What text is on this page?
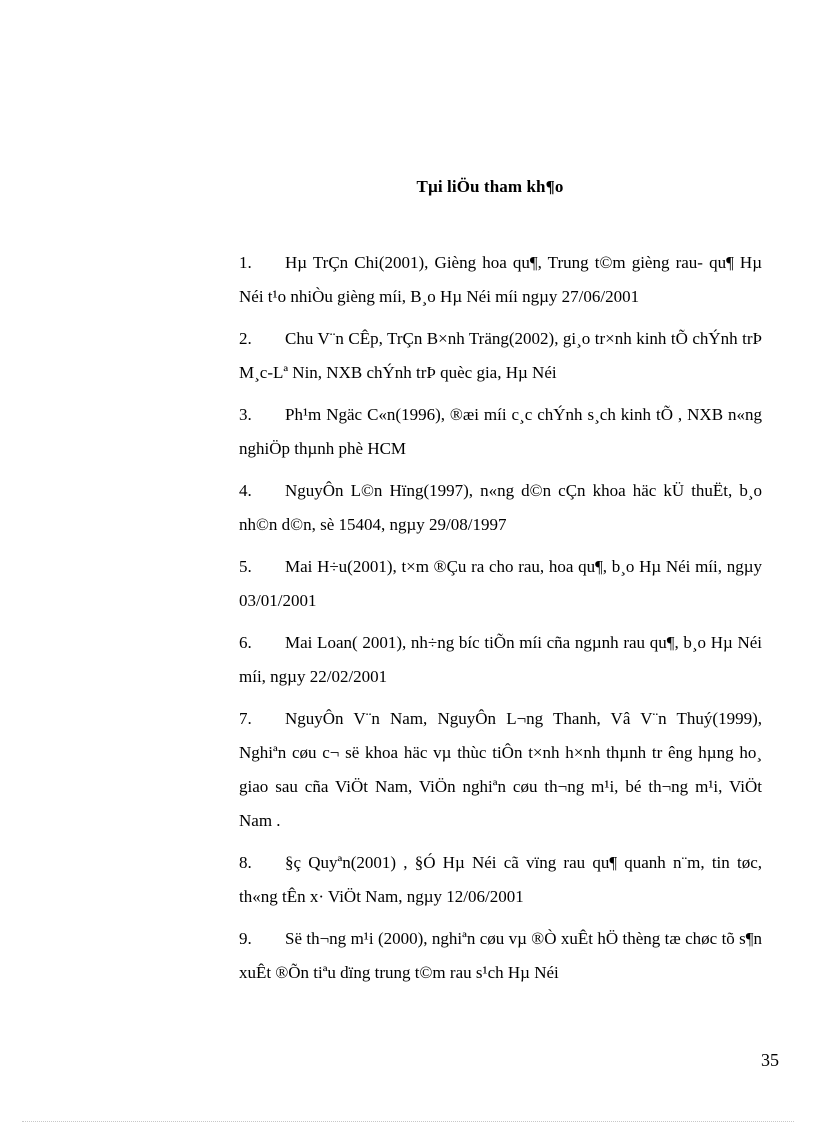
Tµi liÖu tham kh¶o
1. Hµ TrÇn Chi(2001), Gièng hoa qu¶, Trung t©m gièng rau- qu¶ Hµ Néi t¹o nhiÒu gièng míi, B¸o Hµ Néi míi ngµy 27/06/2001
2. Chu V¨n CÊp, TrÇn B×nh Träng(2002), gi¸o tr×nh kinh tÕ chÝnh trÞ M¸c-Lª Nin, NXB chÝnh trÞ quèc gia, Hµ Néi
3. Ph¹m Ngäc C«n(1996), ®æi míi c¸c chÝnh s¸ch kinh tÕ , NXB n«ng nghiÖp thµnh phè HCM
4. NguyÔn L©n Hïng(1997), n«ng d©n cÇn khoa häc kÜ thuËt, b¸o nh©n d©n, sè 15404, ngµy 29/08/1997
5. Mai H÷u(2001), t×m ®Çu ra cho rau, hoa qu¶, b¸o Hµ Néi míi, ngµy 03/01/2001
6. Mai Loan( 2001), nh÷ng bíc tiÕn míi cña ngµnh rau qu¶, b¸o Hµ Néi míi, ngµy 22/02/2001
7. NguyÔn V¨n Nam, NguyÔn L¬ng Thanh, Vâ V¨n Thuý(1999), Nghiªn cøu c¬ së khoa häc vµ thùc tiÔn t×nh h×nh thµnh tr êng hµng ho¸ giao sau cña ViÖt Nam, ViÖn nghiªn cøu th¬ng m¹i, bé th¬ng m¹i, ViÖt Nam .
8. §ç Quyªn(2001) , §Ó Hµ Néi cã vïng rau qu¶ quanh n¨m, tin tøc, th«ng tÊn x· ViÖt Nam, ngµy 12/06/2001
9. Së th¬ng m¹i (2000), nghiªn cøu vµ ®Ò xuÊt hÖ thèng tæ chøc tõ s¶n xuÊt ®Õn tiªu dïng trung t©m rau s¹ch Hµ Néi
35
